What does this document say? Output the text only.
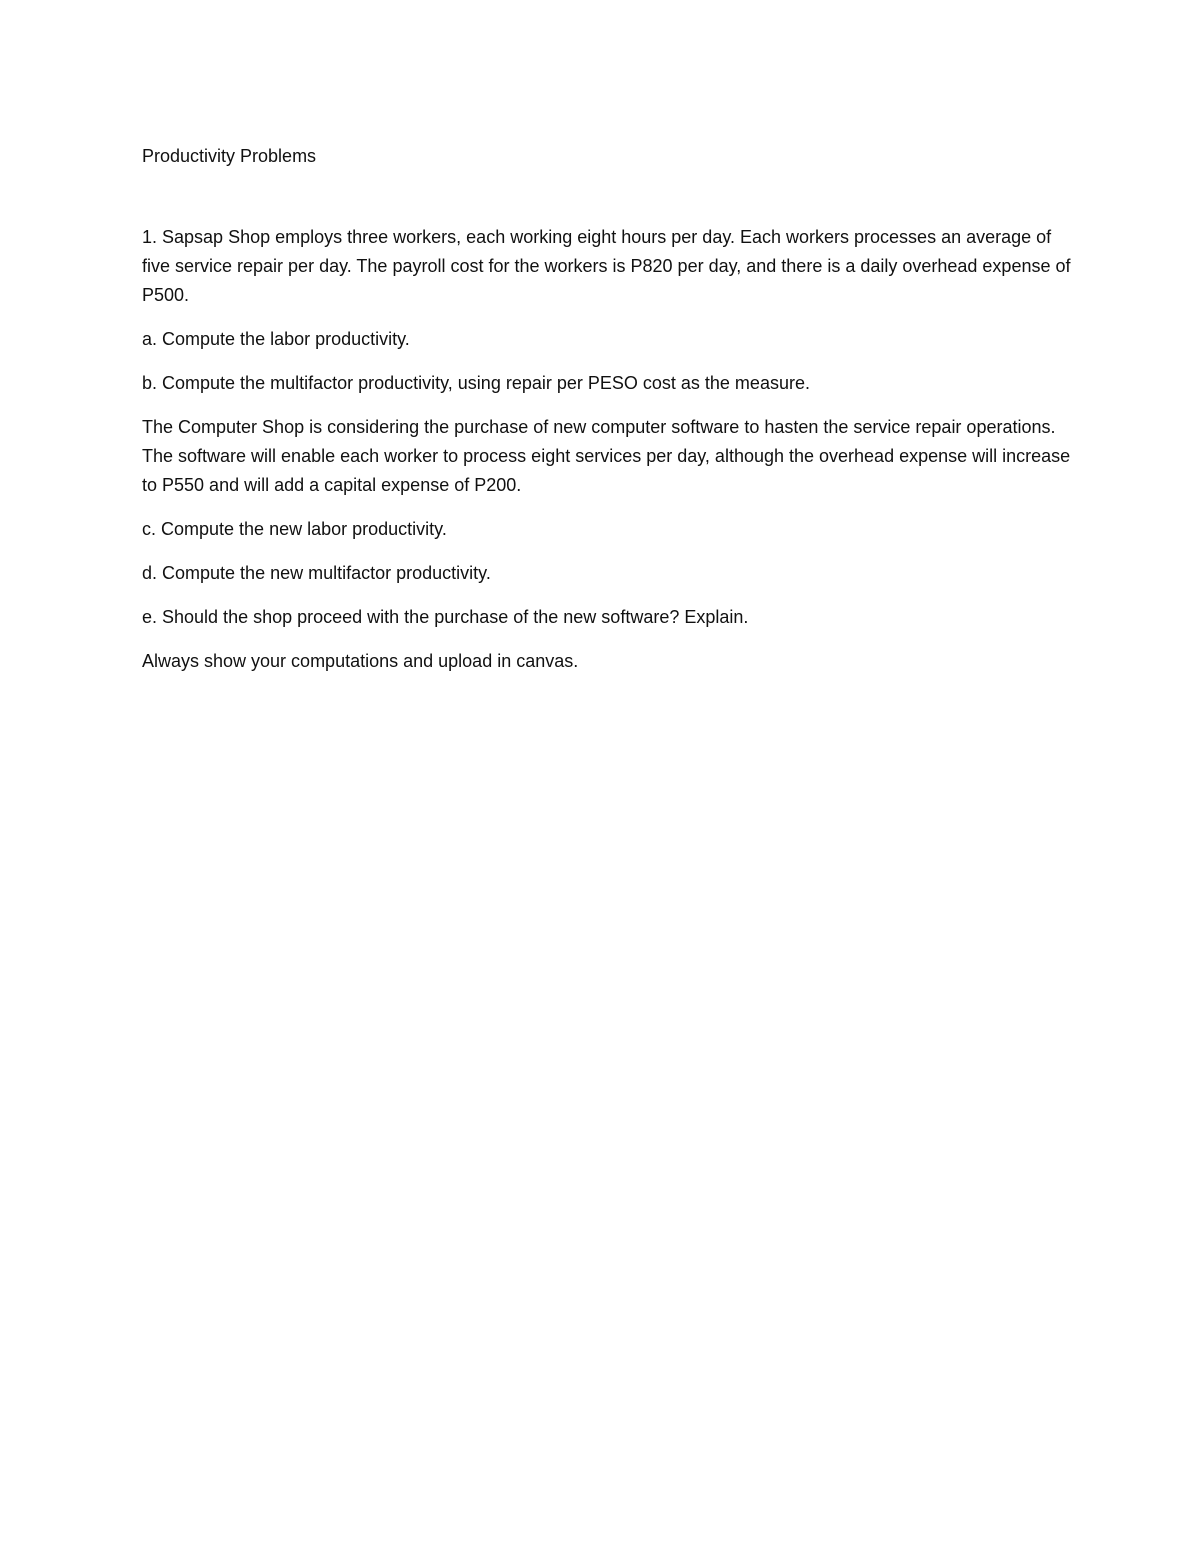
Productivity Problems

1. Sapsap Shop employs three workers, each working eight hours per day. Each workers processes an average of five service repair per day. The payroll cost for the workers is P820 per day, and there is a daily overhead expense of P500.

a. Compute the labor productivity.

b. Compute the multifactor productivity, using repair per PESO cost as the measure.

The Computer Shop is considering the purchase of new computer software to hasten the service repair operations. The software will enable each worker to process eight services per day, although the overhead expense will increase to P550 and will add a capital expense of P200.

c. Compute the new labor productivity.

d. Compute the new multifactor productivity.

e. Should the shop proceed with the purchase of the new software? Explain.

Always show your computations and upload in canvas.
